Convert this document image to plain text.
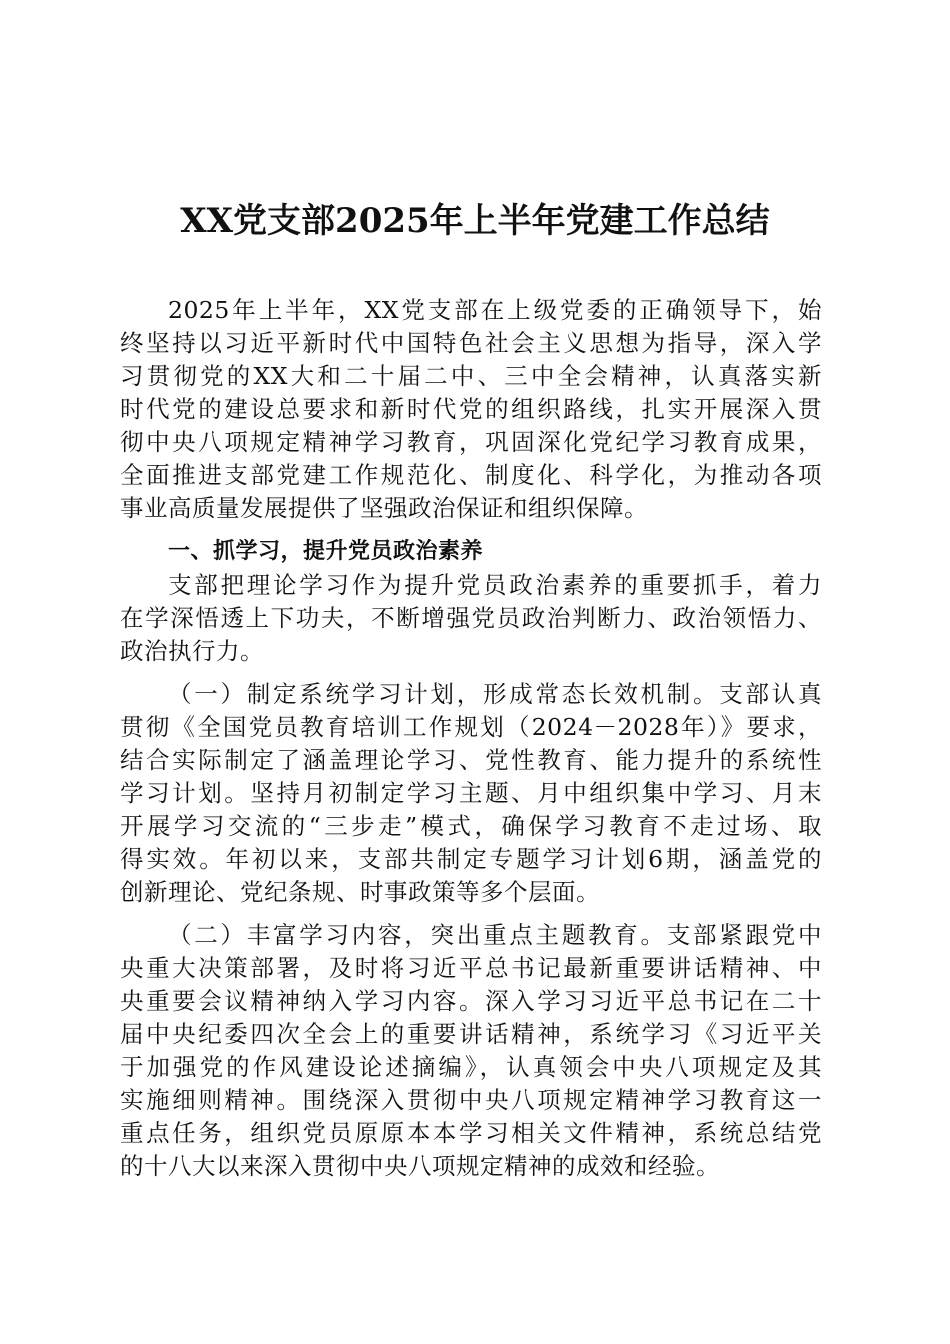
XX党支部2025年上半年党建工作总结
2025年上半年，XX党支部在上级党委的正确领导下，始
终坚持以习近平新时代中国特色社会主义思想为指导，深入学
习贯彻党的XX大和二十届二中、三中全会精神，认真落实新
时代党的建设总要求和新时代党的组织路线，扎实开展深入贯
彻中央八项规定精神学习教育，巩固深化党纪学习教育成果，
全面推进支部党建工作规范化、制度化、科学化，为推动各项
事业高质量发展提供了坚强政治保证和组织保障。
一、抓学习，提升党员政治素养
支部把理论学习作为提升党员政治素养的重要抓手，着力
在学深悟透上下功夫，不断增强党员政治判断力、政治领悟力、
政治执行力。
（一）制定系统学习计划，形成常态长效机制。支部认真
贯彻《全国党员教育培训工作规划（2024－2028年）》要求，
结合实际制定了涵盖理论学习、党性教育、能力提升的系统性
学习计划。坚持月初制定学习主题、月中组织集中学习、月末
开展学习交流的“三步走”模式，确保学习教育不走过场、取
得实效。年初以来，支部共制定专题学习计划6期，涵盖党的
创新理论、党纪条规、时事政策等多个层面。
（二）丰富学习内容，突出重点主题教育。支部紧跟党中
央重大决策部署，及时将习近平总书记最新重要讲话精神、中
央重要会议精神纳入学习内容。深入学习习近平总书记在二十
届中央纪委四次全会上的重要讲话精神，系统学习《习近平关
于加强党的作风建设论述摘编》，认真领会中央八项规定及其
实施细则精神。围绕深入贯彻中央八项规定精神学习教育这一
重点任务，组织党员原原本本学习相关文件精神，系统总结党
的十八大以来深入贯彻中央八项规定精神的成效和经验。
